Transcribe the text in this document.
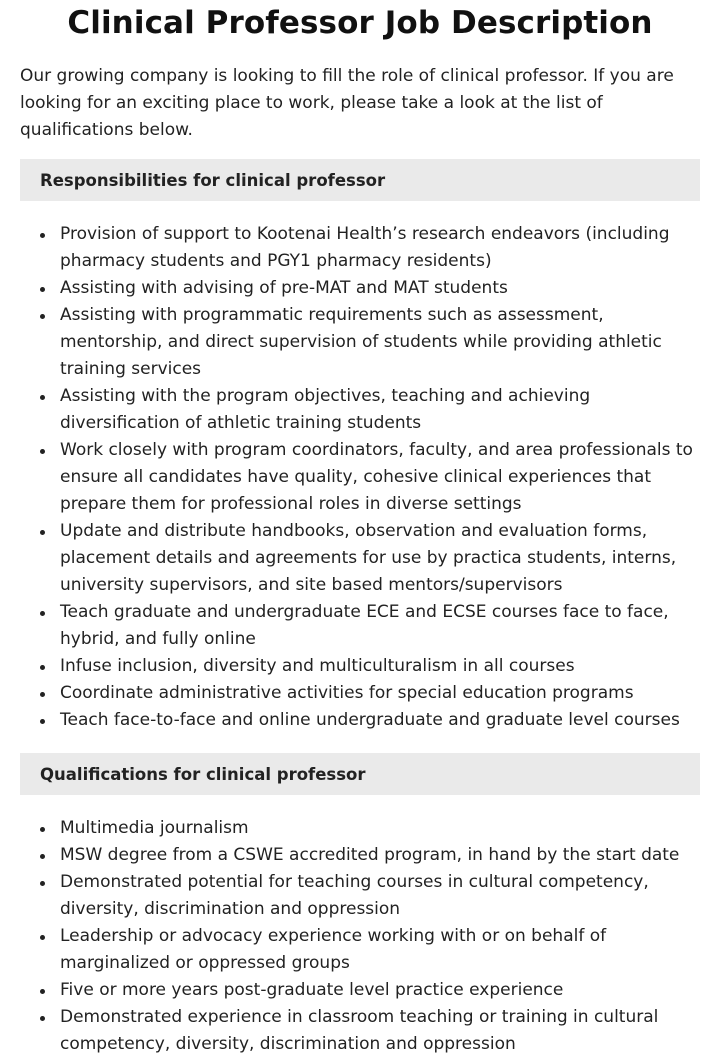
Clinical Professor Job Description

Our growing company is looking to fill the role of clinical professor. If you are looking for an exciting place to work, please take a look at the list of qualifications below.

Responsibilities for clinical professor
Provision of support to Kootenai Health’s research endeavors (including pharmacy students and PGY1 pharmacy residents)
Assisting with advising of pre-MAT and MAT students
Assisting with programmatic requirements such as assessment, mentorship, and direct supervision of students while providing athletic training services
Assisting with the program objectives, teaching and achieving diversification of athletic training students
Work closely with program coordinators, faculty, and area professionals to ensure all candidates have quality, cohesive clinical experiences that prepare them for professional roles in diverse settings
Update and distribute handbooks, observation and evaluation forms, placement details and agreements for use by practica students, interns, university supervisors, and site based mentors/supervisors
Teach graduate and undergraduate ECE and ECSE courses face to face, hybrid, and fully online
Infuse inclusion, diversity and multiculturalism in all courses
Coordinate administrative activities for special education programs
Teach face-to-face and online undergraduate and graduate level courses
Qualifications for clinical professor
Multimedia journalism
MSW degree from a CSWE accredited program, in hand by the start date
Demonstrated potential for teaching courses in cultural competency, diversity, discrimination and oppression
Leadership or advocacy experience working with or on behalf of marginalized or oppressed groups
Five or more years post-graduate level practice experience
Demonstrated experience in classroom teaching or training in cultural competency, diversity, discrimination and oppression
